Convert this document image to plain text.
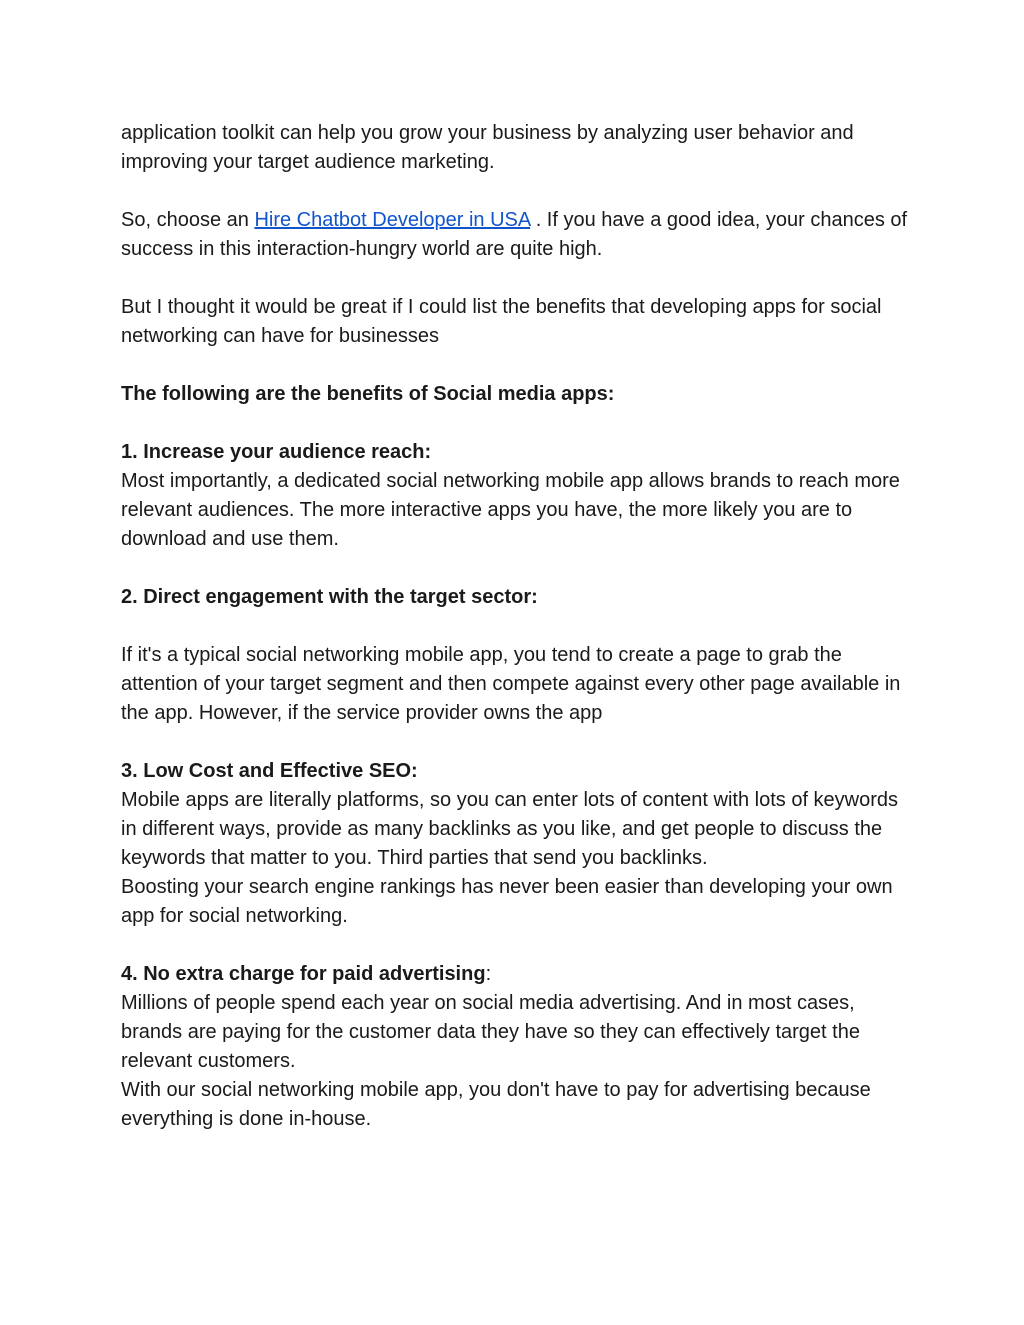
application toolkit can help you grow your business by analyzing user behavior and improving your target audience marketing.

So, choose an Hire Chatbot Developer in USA . If you have a good idea, your chances of success in this interaction-hungry world are quite high.

But I thought it would be great if I could list the benefits that developing apps for social networking can have for businesses

The following are the benefits of Social media apps:

1. Increase your audience reach:

Most importantly, a dedicated social networking mobile app allows brands to reach more relevant audiences. The more interactive apps you have, the more likely you are to download and use them.

2. Direct engagement with the target sector:

If it's a typical social networking mobile app, you tend to create a page to grab the attention of your target segment and then compete against every other page available in the app. However, if the service provider owns the app

3. Low Cost and Effective SEO:

Mobile apps are literally platforms, so you can enter lots of content with lots of keywords in different ways, provide as many backlinks as you like, and get people to discuss the keywords that matter to you. Third parties that send you backlinks.

Boosting your search engine rankings has never been easier than developing your own app for social networking.

4. No extra charge for paid advertising:

Millions of people spend each year on social media advertising. And in most cases, brands are paying for the customer data they have so they can effectively target the relevant customers.

With our social networking mobile app, you don't have to pay for advertising because everything is done in-house.
